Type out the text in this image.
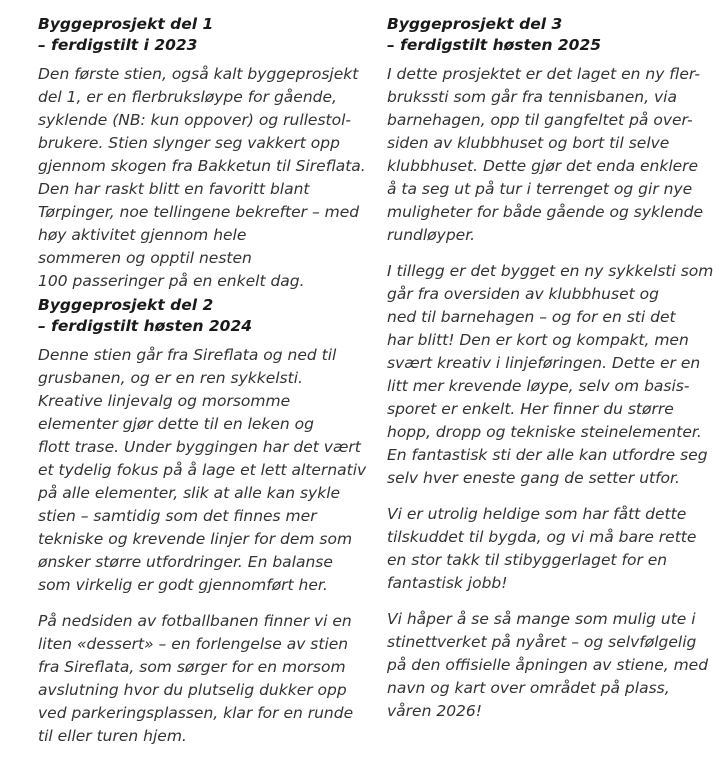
Byggeprosjekt del 1
– ferdigstilt i 2023
Den første stien, også kalt byggeprosjekt
del 1, er en flerbruksløype for gående,
syklende (NB: kun oppover) og rullestol-
brukere. Stien slynger seg vakkert opp
gjennom skogen fra Bakketun til Sireflata.
Den har raskt blitt en favoritt blant
Tørpinger, noe tellingene bekrefter – med
høy aktivitet gjennom hele
sommeren og opptil nesten
100 passeringer på en enkelt dag.
Byggeprosjekt del 2
– ferdigstilt høsten 2024
Denne stien går fra Sireflata og ned til
grusbanen, og er en ren sykkelsti.
Kreative linjevalg og morsomme
elementer gjør dette til en leken og
flott trase. Under byggingen har det vært
et tydelig fokus på å lage et lett alternativ
på alle elementer, slik at alle kan sykle
stien – samtidig som det finnes mer
tekniske og krevende linjer for dem som
ønsker større utfordringer. En balanse
som virkelig er godt gjennomført her.
På nedsiden av fotballbanen finner vi en
liten «dessert» – en forlengelse av stien
fra Sireflata, som sørger for en morsom
avslutning hvor du plutselig dukker opp
ved parkeringsplassen, klar for en runde
til eller turen hjem.
Byggeprosjekt del 3
– ferdigstilt høsten 2025
I dette prosjektet er det laget en ny fler-
brukssti som går fra tennisbanen, via
barnehagen, opp til gangfeltet på over-
siden av klubbhuset og bort til selve
klubbhuset. Dette gjør det enda enklere
å ta seg ut på tur i terrenget og gir nye
muligheter for både gående og syklende
rundløyper.
I tillegg er det bygget en ny sykkelsti som
går fra oversiden av klubbhuset og
ned til barnehagen – og for en sti det
har blitt! Den er kort og kompakt, men
svært kreativ i linjeføringen. Dette er en
litt mer krevende løype, selv om basis-
sporet er enkelt. Her finner du større
hopp, dropp og tekniske steinelementer.
En fantastisk sti der alle kan utfordre seg
selv hver eneste gang de setter utfor.
Vi er utrolig heldige som har fått dette
tilskuddet til bygda, og vi må bare rette
en stor takk til stibyggerlaget for en
fantastisk jobb!
Vi håper å se så mange som mulig ute i
stinettverket på nyåret – og selvfølgelig
på den offisielle åpningen av stiene, med
navn og kart over området på plass,
våren 2026!
